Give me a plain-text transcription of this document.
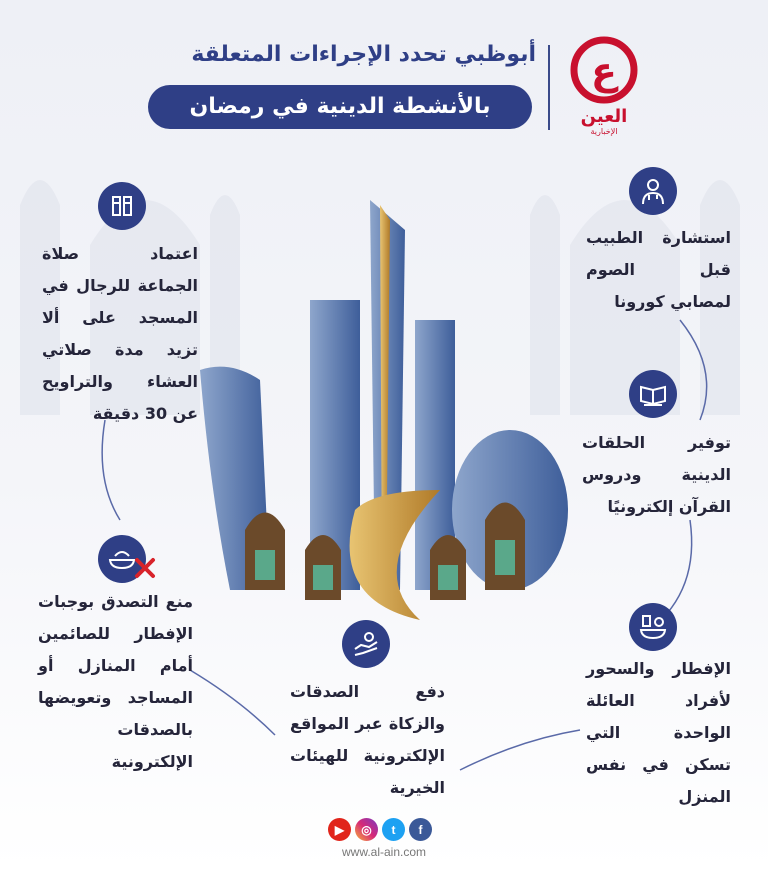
أبوظبي تحدد الإجراءات المتعلقة
بالأنشطة الدينية في رمضان
ع
العين
الإخبارية
استشارة الطبيب قبل الصوم لمصابي كورونا
توفير الحلقات الدينية ودروس القرآن إلكترونيًا
الإفطار والسحور لأفراد العائلة الواحدة التي تسكن في نفس المنزل
دفع الصدقات والزكاة عبر المواقع الإلكترونية للهيئات الخيرية
منع التصدق بوجبات الإفطار للصائمين أمام المنازل أو المساجد وتعويضها بالصدقات الإلكترونية
اعتماد صلاة الجماعة للرجال في المسجد على ألا تزيد مدة صلاتي العشاء والتراويح عن 30 دقيقة
▶	◎	t	f
www.al-ain.com
